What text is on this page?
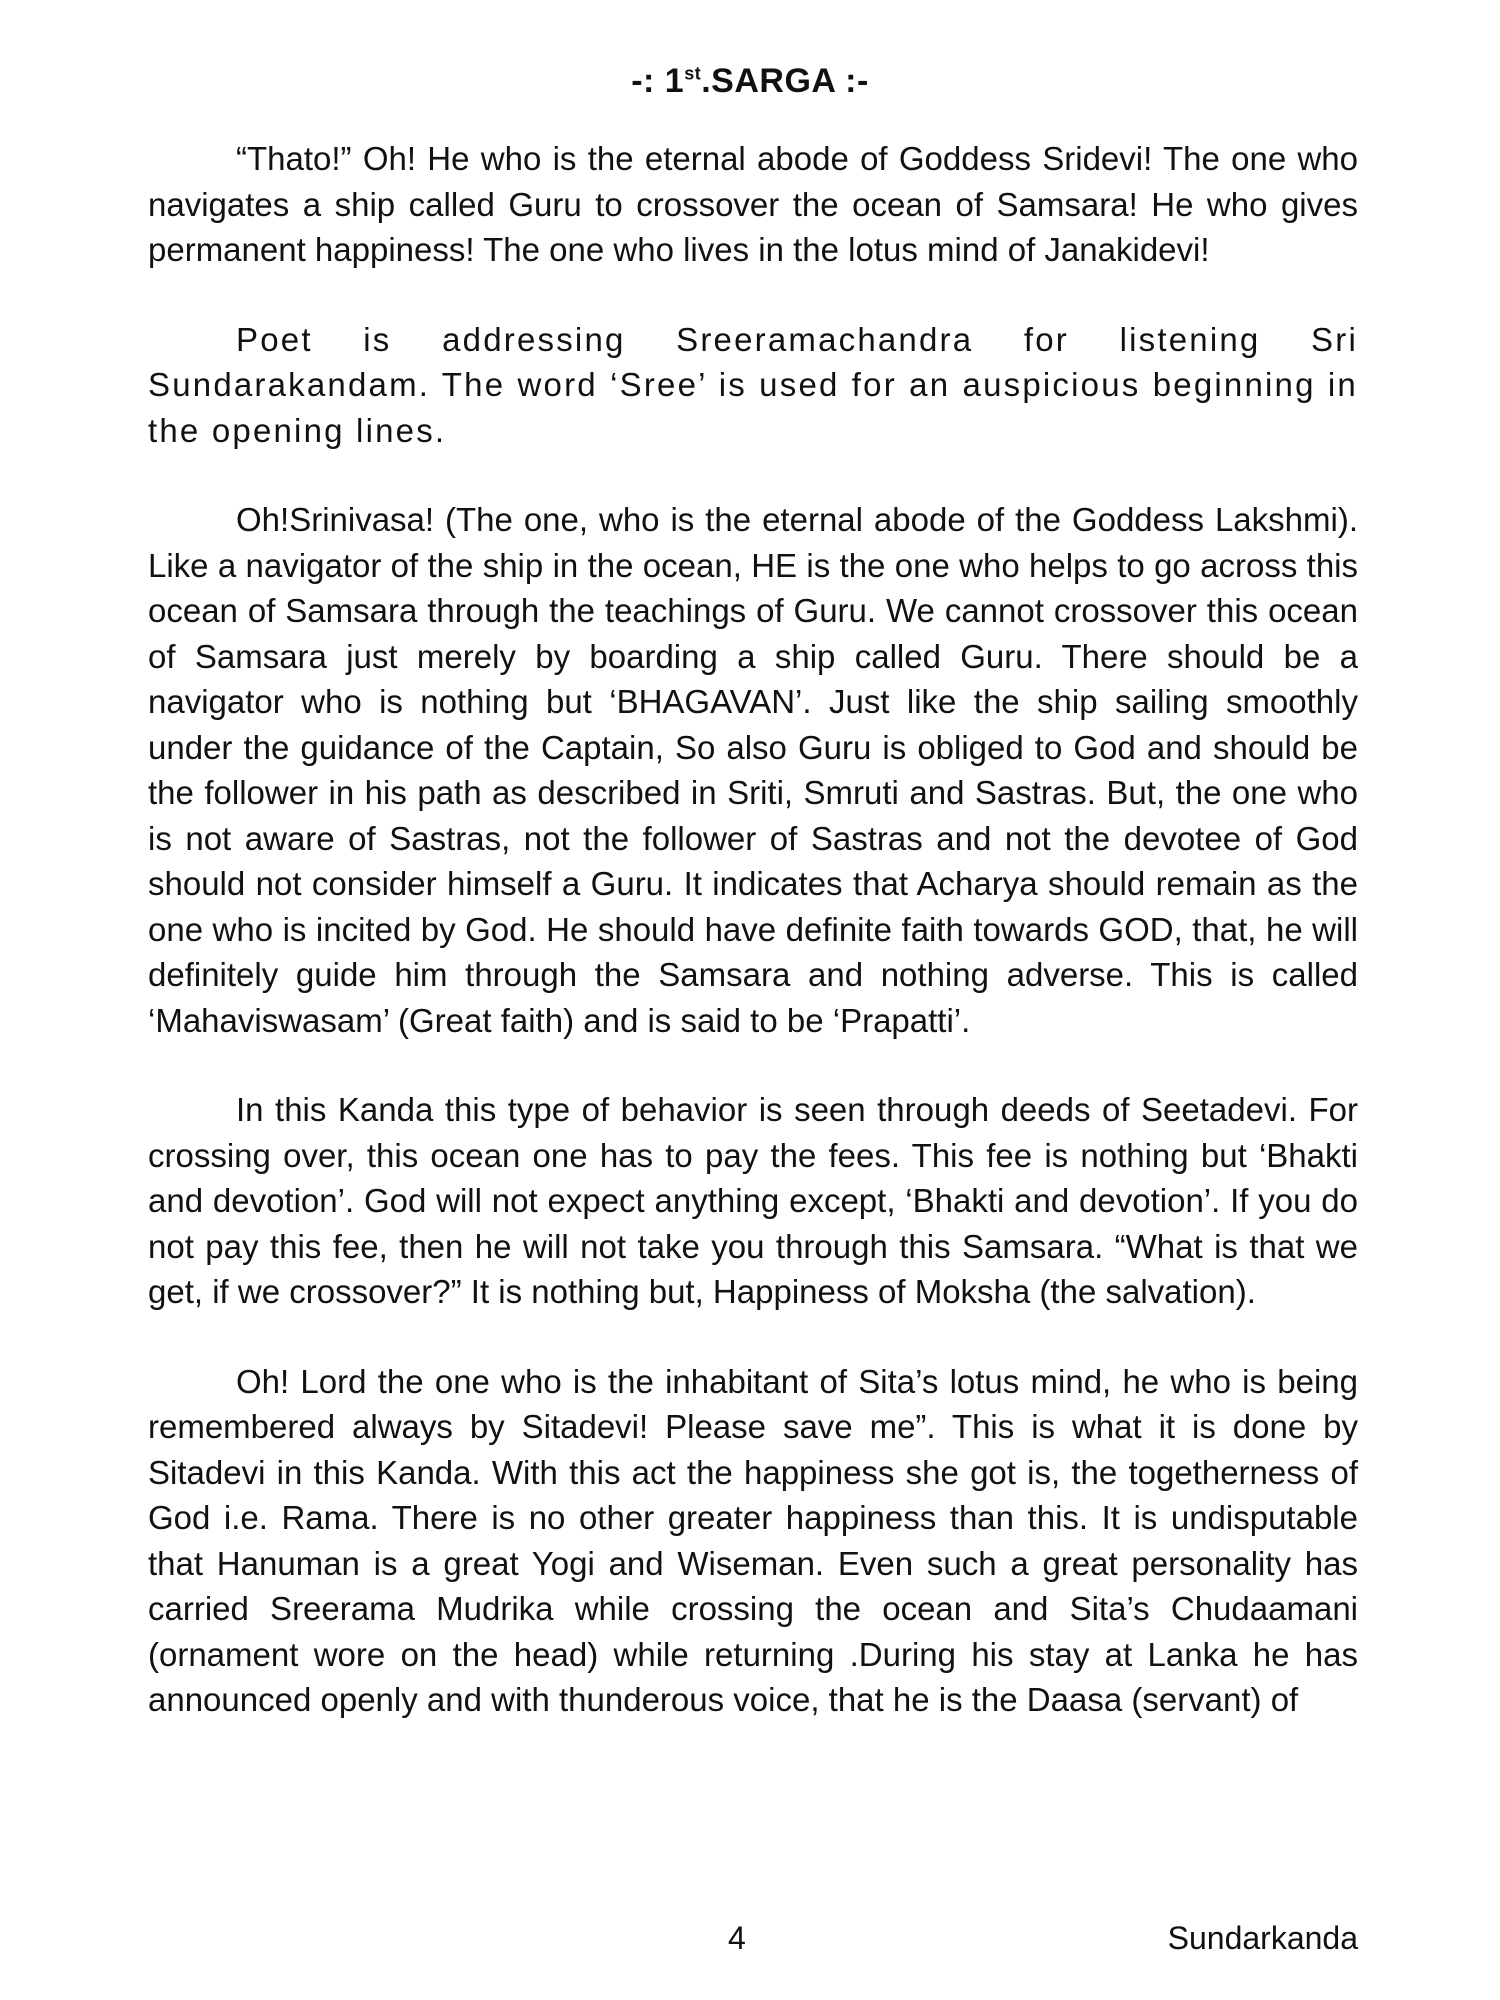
-: 1st.SARGA :-

“Thato!” Oh! He who is the eternal abode of Goddess Sridevi! The one who navigates a ship called Guru to crossover the ocean of Samsara! He who gives permanent happiness! The one who lives in the lotus mind of Janakidevi!

Poet is addressing Sreeramachandra for listening Sri Sundarakandam. The word ‘Sree’ is used for an auspicious beginning in the opening lines.

Oh!Srinivasa! (The one, who is the eternal abode of the Goddess Lakshmi). Like a navigator of the ship in the ocean, HE is the one who helps to go across this ocean of Samsara through the teachings of Guru. We cannot crossover this ocean of Samsara just merely by boarding a ship called Guru. There should be a navigator who is nothing but ‘BHAGAVAN’. Just like the ship sailing smoothly under the guidance of the Captain, So also Guru is obliged to God and should be the follower in his path as described in Sriti, Smruti and Sastras. But, the one who is not aware of Sastras, not the follower of Sastras and not the devotee of God should not consider himself a Guru. It indicates that Acharya should remain as the one who is incited by God. He should have definite faith towards GOD, that, he will definitely guide him through the Samsara and nothing adverse. This is called ‘Mahaviswasam’ (Great faith) and is said to be ‘Prapatti’.

In this Kanda this type of behavior is seen through deeds of Seetadevi. For crossing over, this ocean one has to pay the fees. This fee is nothing but ‘Bhakti and devotion’. God will not expect anything except, ‘Bhakti and devotion’. If you do not pay this fee, then he will not take you through this Samsara. “What is that we get, if we crossover?” It is nothing but, Happiness of Moksha (the salvation).

Oh! Lord the one who is the inhabitant of Sita’s lotus mind, he who is being remembered always by Sitadevi! Please save me”. This is what it is done by Sitadevi in this Kanda. With this act the happiness she got is, the togetherness of God i.e. Rama. There is no other greater happiness than this. It is undisputable that Hanuman is a great Yogi and Wiseman. Even such a great personality has carried Sreerama Mudrika while crossing the ocean and Sita’s Chudaamani (ornament wore on the head) while returning .During his stay at Lanka he has announced openly and with thunderous voice, that he is the Daasa (servant) of

4	Sundarkanda
